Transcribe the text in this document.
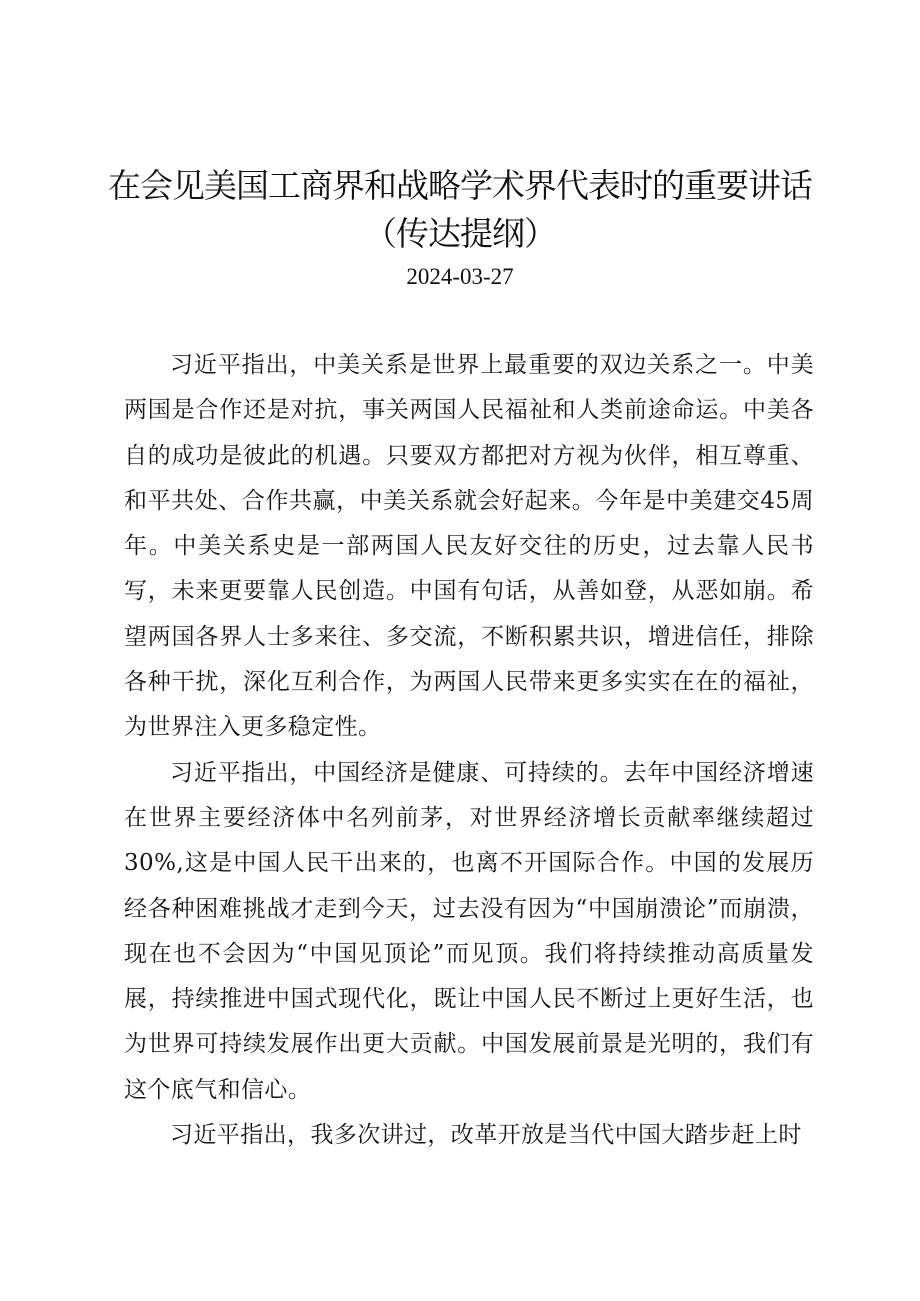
在会见美国工商界和战略学术界代表时的重要讲话（传达提纲）
2024-03-27

习近平指出，中美关系是世界上最重要的双边关系之一。中美两国是合作还是对抗，事关两国人民福祉和人类前途命运。中美各自的成功是彼此的机遇。只要双方都把对方视为伙伴，相互尊重、和平共处、合作共赢，中美关系就会好起来。今年是中美建交45周年。中美关系史是一部两国人民友好交往的历史，过去靠人民书写，未来更要靠人民创造。中国有句话，从善如登，从恶如崩。希望两国各界人士多来往、多交流，不断积累共识，增进信任，排除各种干扰，深化互利合作，为两国人民带来更多实实在在的福祉，为世界注入更多稳定性。

习近平指出，中国经济是健康、可持续的。去年中国经济增速在世界主要经济体中名列前茅，对世界经济增长贡献率继续超过30%,这是中国人民干出来的，也离不开国际合作。中国的发展历经各种困难挑战才走到今天，过去没有因为“中国崩溃论”而崩溃，现在也不会因为“中国见顶论”而见顶。我们将持续推动高质量发展，持续推进中国式现代化，既让中国人民不断过上更好生活，也为世界可持续发展作出更大贡献。中国发展前景是光明的，我们有这个底气和信心。

习近平指出，我多次讲过，改革开放是当代中国大踏步赶上时
